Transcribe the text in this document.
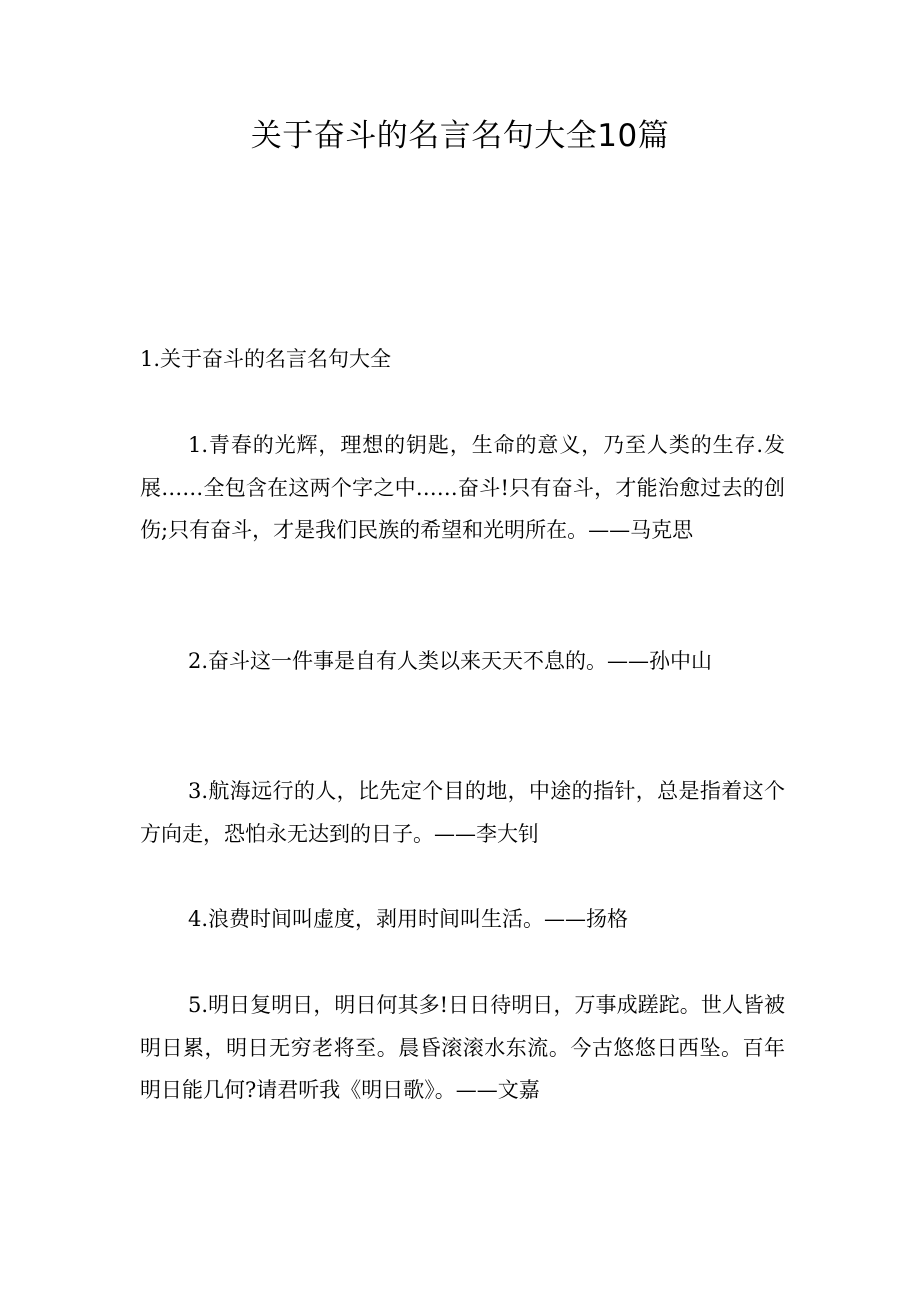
关于奋斗的名言名句大全10篇
1.关于奋斗的名言名句大全

1.青春的光辉，理想的钥匙，生命的意义，乃至人类的生存.发展……全包含在这两个字之中……奋斗!只有奋斗，才能治愈过去的创伤;只有奋斗，才是我们民族的希望和光明所在。——马克思

2.奋斗这一件事是自有人类以来天天不息的。——孙中山

3.航海远行的人，比先定个目的地，中途的指针，总是指着这个方向走，恐怕永无达到的日子。——李大钊

4.浪费时间叫虚度，剥用时间叫生活。——扬格

5.明日复明日，明日何其多!日日待明日，万事成蹉跎。世人皆被明日累，明日无穷老将至。晨昏滚滚水东流。今古悠悠日西坠。百年明日能几何?请君听我《明日歌》。——文嘉
